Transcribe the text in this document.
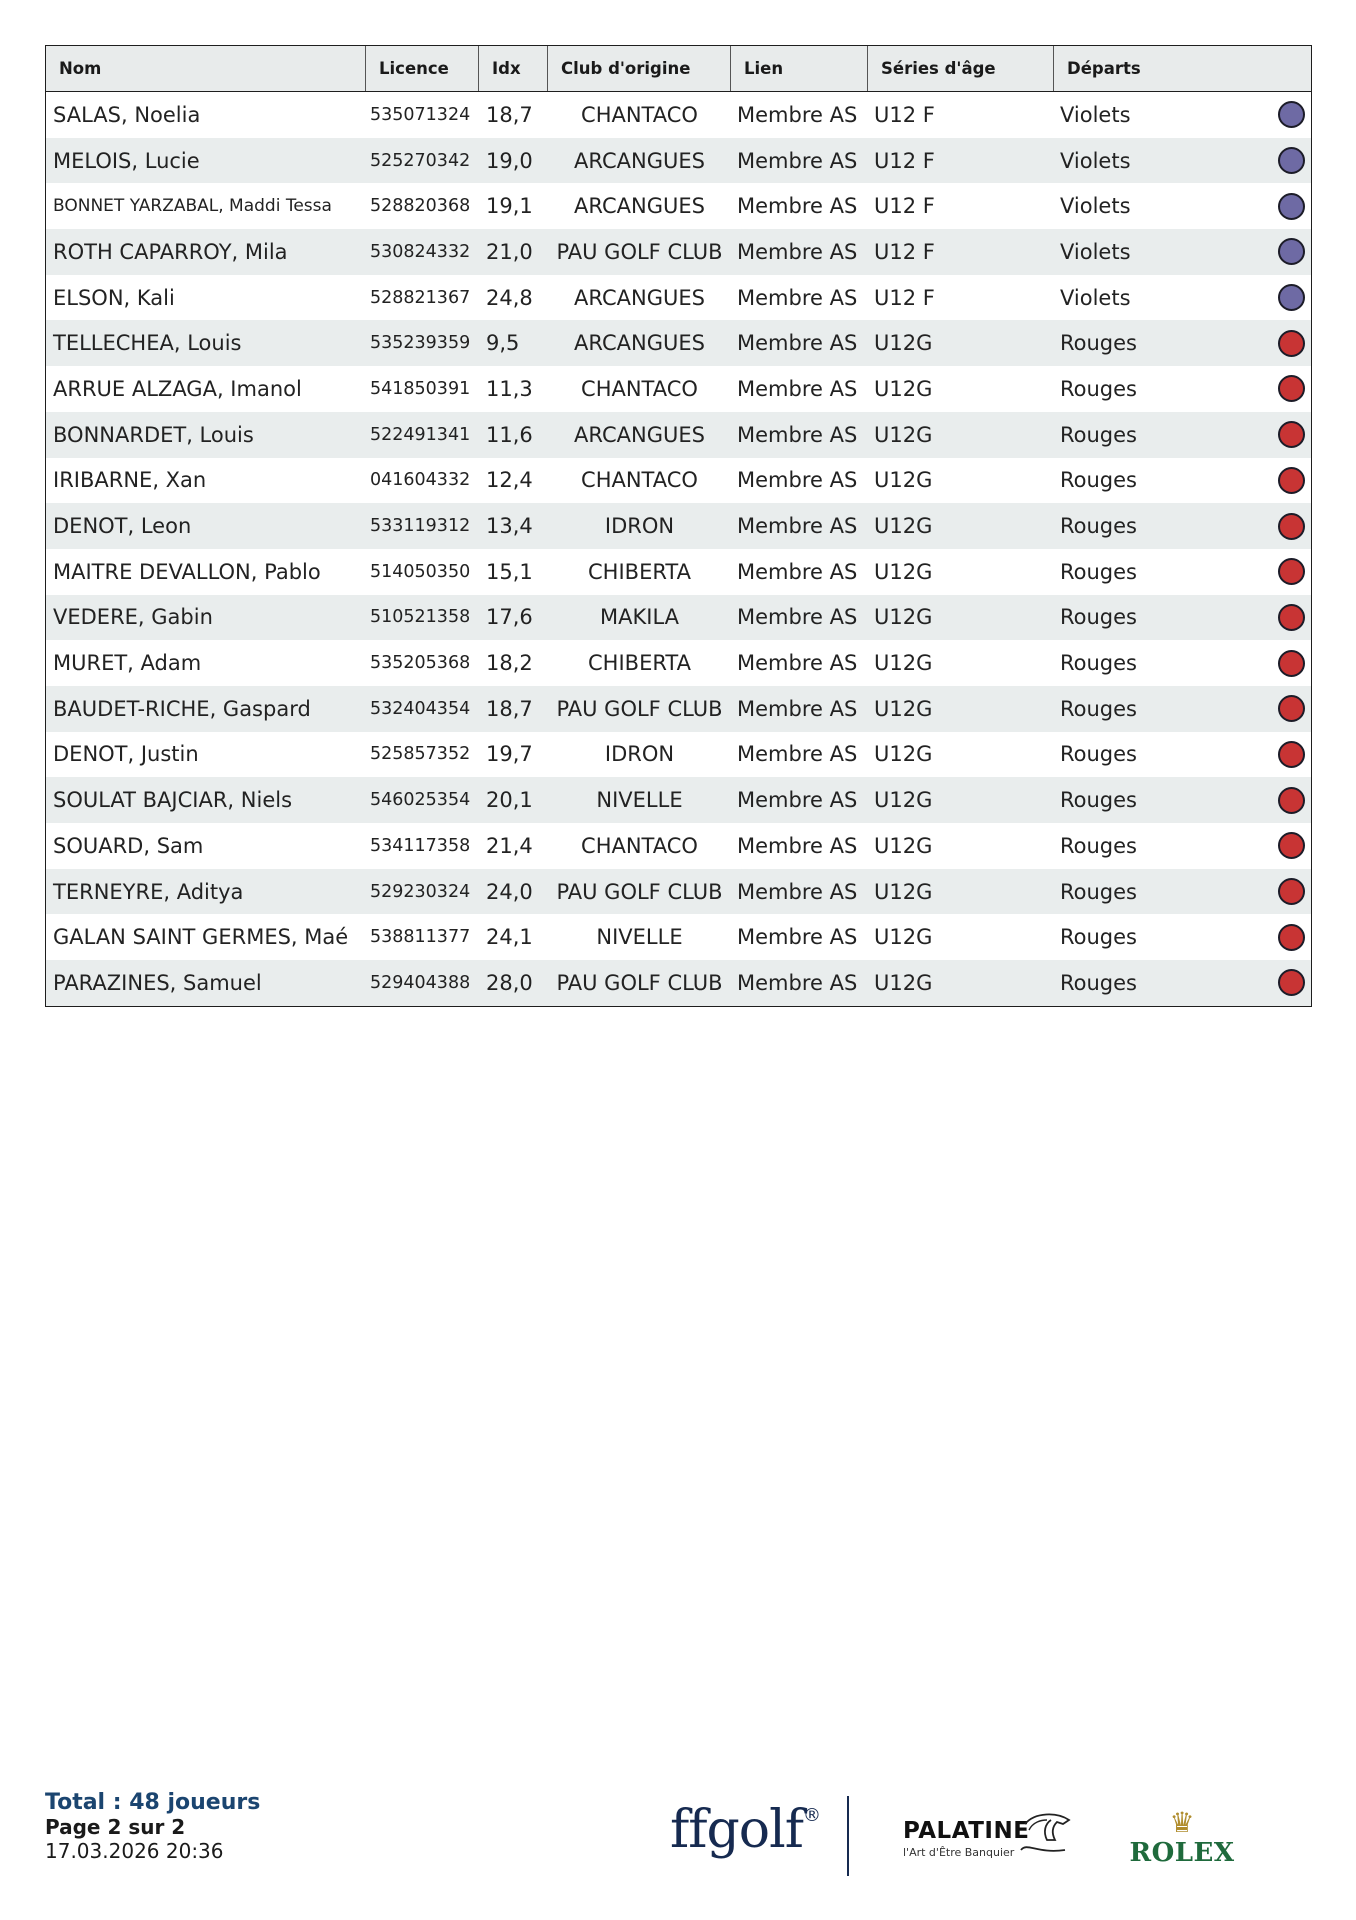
Nom	Licence	Idx	Club d'origine	Lien	Séries d'âge	Départs
SALAS, Noelia	535071324 18,7	CHANTACO	Membre AS U12 F	Violets
MELOIS, Lucie	525270342 19,0	ARCANGUES	Membre AS U12 F	Violets
BONNET YARZABAL, Maddi Tessa	528820368 19,1	ARCANGUES	Membre AS U12 F	Violets
ROTH CAPARROY, Mila	530824332 21,0	PAU GOLF CLUB Membre AS U12 F	Violets
ELSON, Kali	528821367 24,8	ARCANGUES	Membre AS U12 F	Violets
TELLECHEA, Louis	535239359 9,5	ARCANGUES	Membre AS U12G	Rouges
ARRUE ALZAGA, Imanol	541850391 11,3	CHANTACO	Membre AS U12G	Rouges
BONNARDET, Louis	522491341 11,6	ARCANGUES	Membre AS U12G	Rouges
IRIBARNE, Xan	041604332 12,4	CHANTACO	Membre AS U12G	Rouges
DENOT, Leon	533119312 13,4	IDRON	Membre AS U12G	Rouges
MAITRE DEVALLON, Pablo	514050350 15,1	CHIBERTA	Membre AS U12G	Rouges
VEDERE, Gabin	510521358 17,6	MAKILA	Membre AS U12G	Rouges
MURET, Adam	535205368 18,2	CHIBERTA	Membre AS U12G	Rouges
BAUDET-RICHE, Gaspard	532404354 18,7	PAU GOLF CLUB Membre AS U12G	Rouges
DENOT, Justin	525857352 19,7	IDRON	Membre AS U12G	Rouges
SOULAT BAJCIAR, Niels	546025354 20,1	NIVELLE	Membre AS U12G	Rouges
SOUARD, Sam	534117358 21,4	CHANTACO	Membre AS U12G	Rouges
TERNEYRE, Aditya	529230324 24,0	PAU GOLF CLUB Membre AS U12G	Rouges
GALAN SAINT GERMES, Maé	538811377 24,1	NIVELLE	Membre AS U12G	Rouges
PARAZINES, Samuel	529404388 28,0	PAU GOLF CLUB Membre AS U12G	Rouges
Total : 48 joueurs
Page 2 sur 2
17.03.2026 20:36	ffgolf®
PALATINE
l'Art d'Être Banquier
♛
ROLEX
